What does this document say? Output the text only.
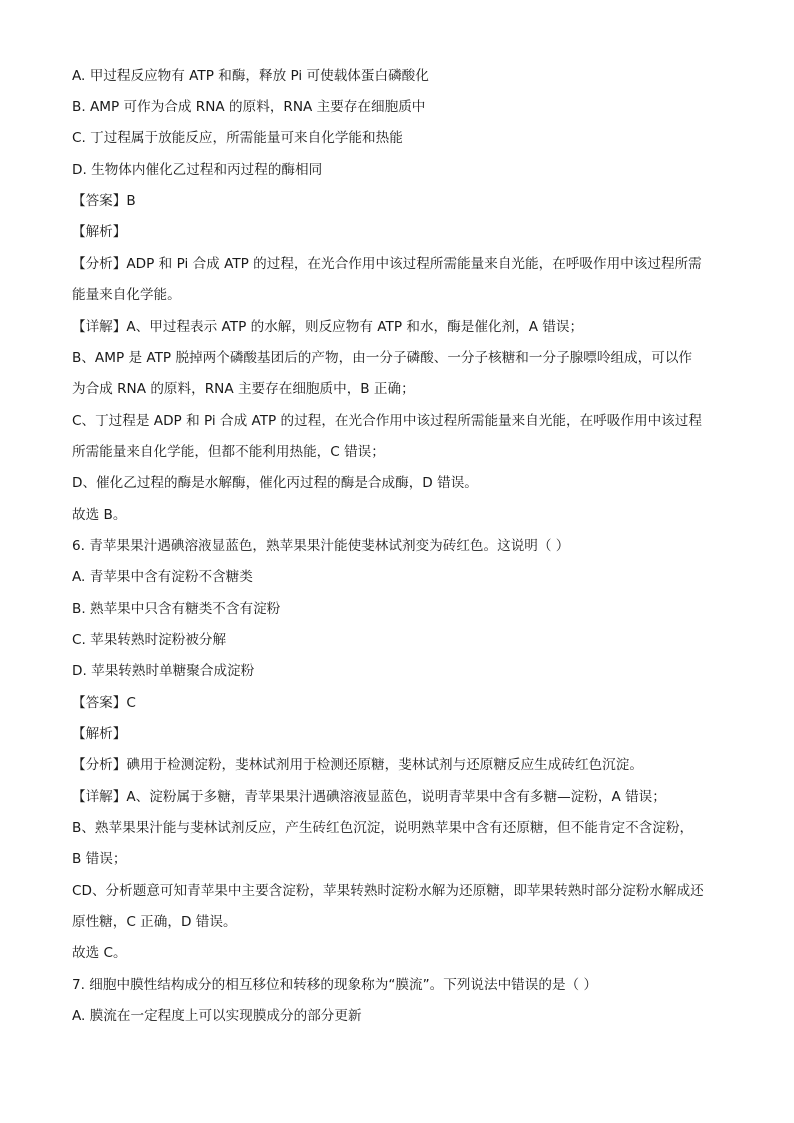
A. 甲过程反应物有 ATP 和酶，释放 Pi 可使载体蛋白磷酸化
B. AMP 可作为合成 RNA 的原料，RNA 主要存在细胞质中
C. 丁过程属于放能反应，所需能量可来自化学能和热能
D. 生物体内催化乙过程和丙过程的酶相同
【答案】B
【解析】
【分析】ADP 和 Pi 合成 ATP 的过程，在光合作用中该过程所需能量来自光能，在呼吸作用中该过程所需
能量来自化学能。
【详解】A、甲过程表示 ATP 的水解，则反应物有 ATP 和水，酶是催化剂，A 错误；
B、AMP 是 ATP 脱掉两个磷酸基团后的产物，由一分子磷酸、一分子核糖和一分子腺嘌呤组成，可以作
为合成 RNA 的原料，RNA 主要存在细胞质中，B 正确；
C、丁过程是 ADP 和 Pi 合成 ATP 的过程，在光合作用中该过程所需能量来自光能，在呼吸作用中该过程
所需能量来自化学能，但都不能利用热能，C 错误；
D、催化乙过程的酶是水解酶，催化丙过程的酶是合成酶，D 错误。
故选 B。
6. 青苹果果汁遇碘溶液显蓝色，熟苹果果汁能使斐林试剂变为砖红色。这说明（ ）
A. 青苹果中含有淀粉不含糖类
B. 熟苹果中只含有糖类不含有淀粉
C. 苹果转熟时淀粉被分解
D. 苹果转熟时单糖聚合成淀粉
【答案】C
【解析】
【分析】碘用于检测淀粉，斐林试剂用于检测还原糖，斐林试剂与还原糖反应生成砖红色沉淀。
【详解】A、淀粉属于多糖，青苹果果汁遇碘溶液显蓝色，说明青苹果中含有多糖—淀粉，A 错误；
B、熟苹果果汁能与斐林试剂反应，产生砖红色沉淀，说明熟苹果中含有还原糖，但不能肯定不含淀粉，
B 错误；
CD、分析题意可知青苹果中主要含淀粉，苹果转熟时淀粉水解为还原糖，即苹果转熟时部分淀粉水解成还
原性糖，C 正确，D 错误。
故选 C。
7. 细胞中膜性结构成分的相互移位和转移的现象称为“膜流”。下列说法中错误的是（ ）
A. 膜流在一定程度上可以实现膜成分的部分更新
